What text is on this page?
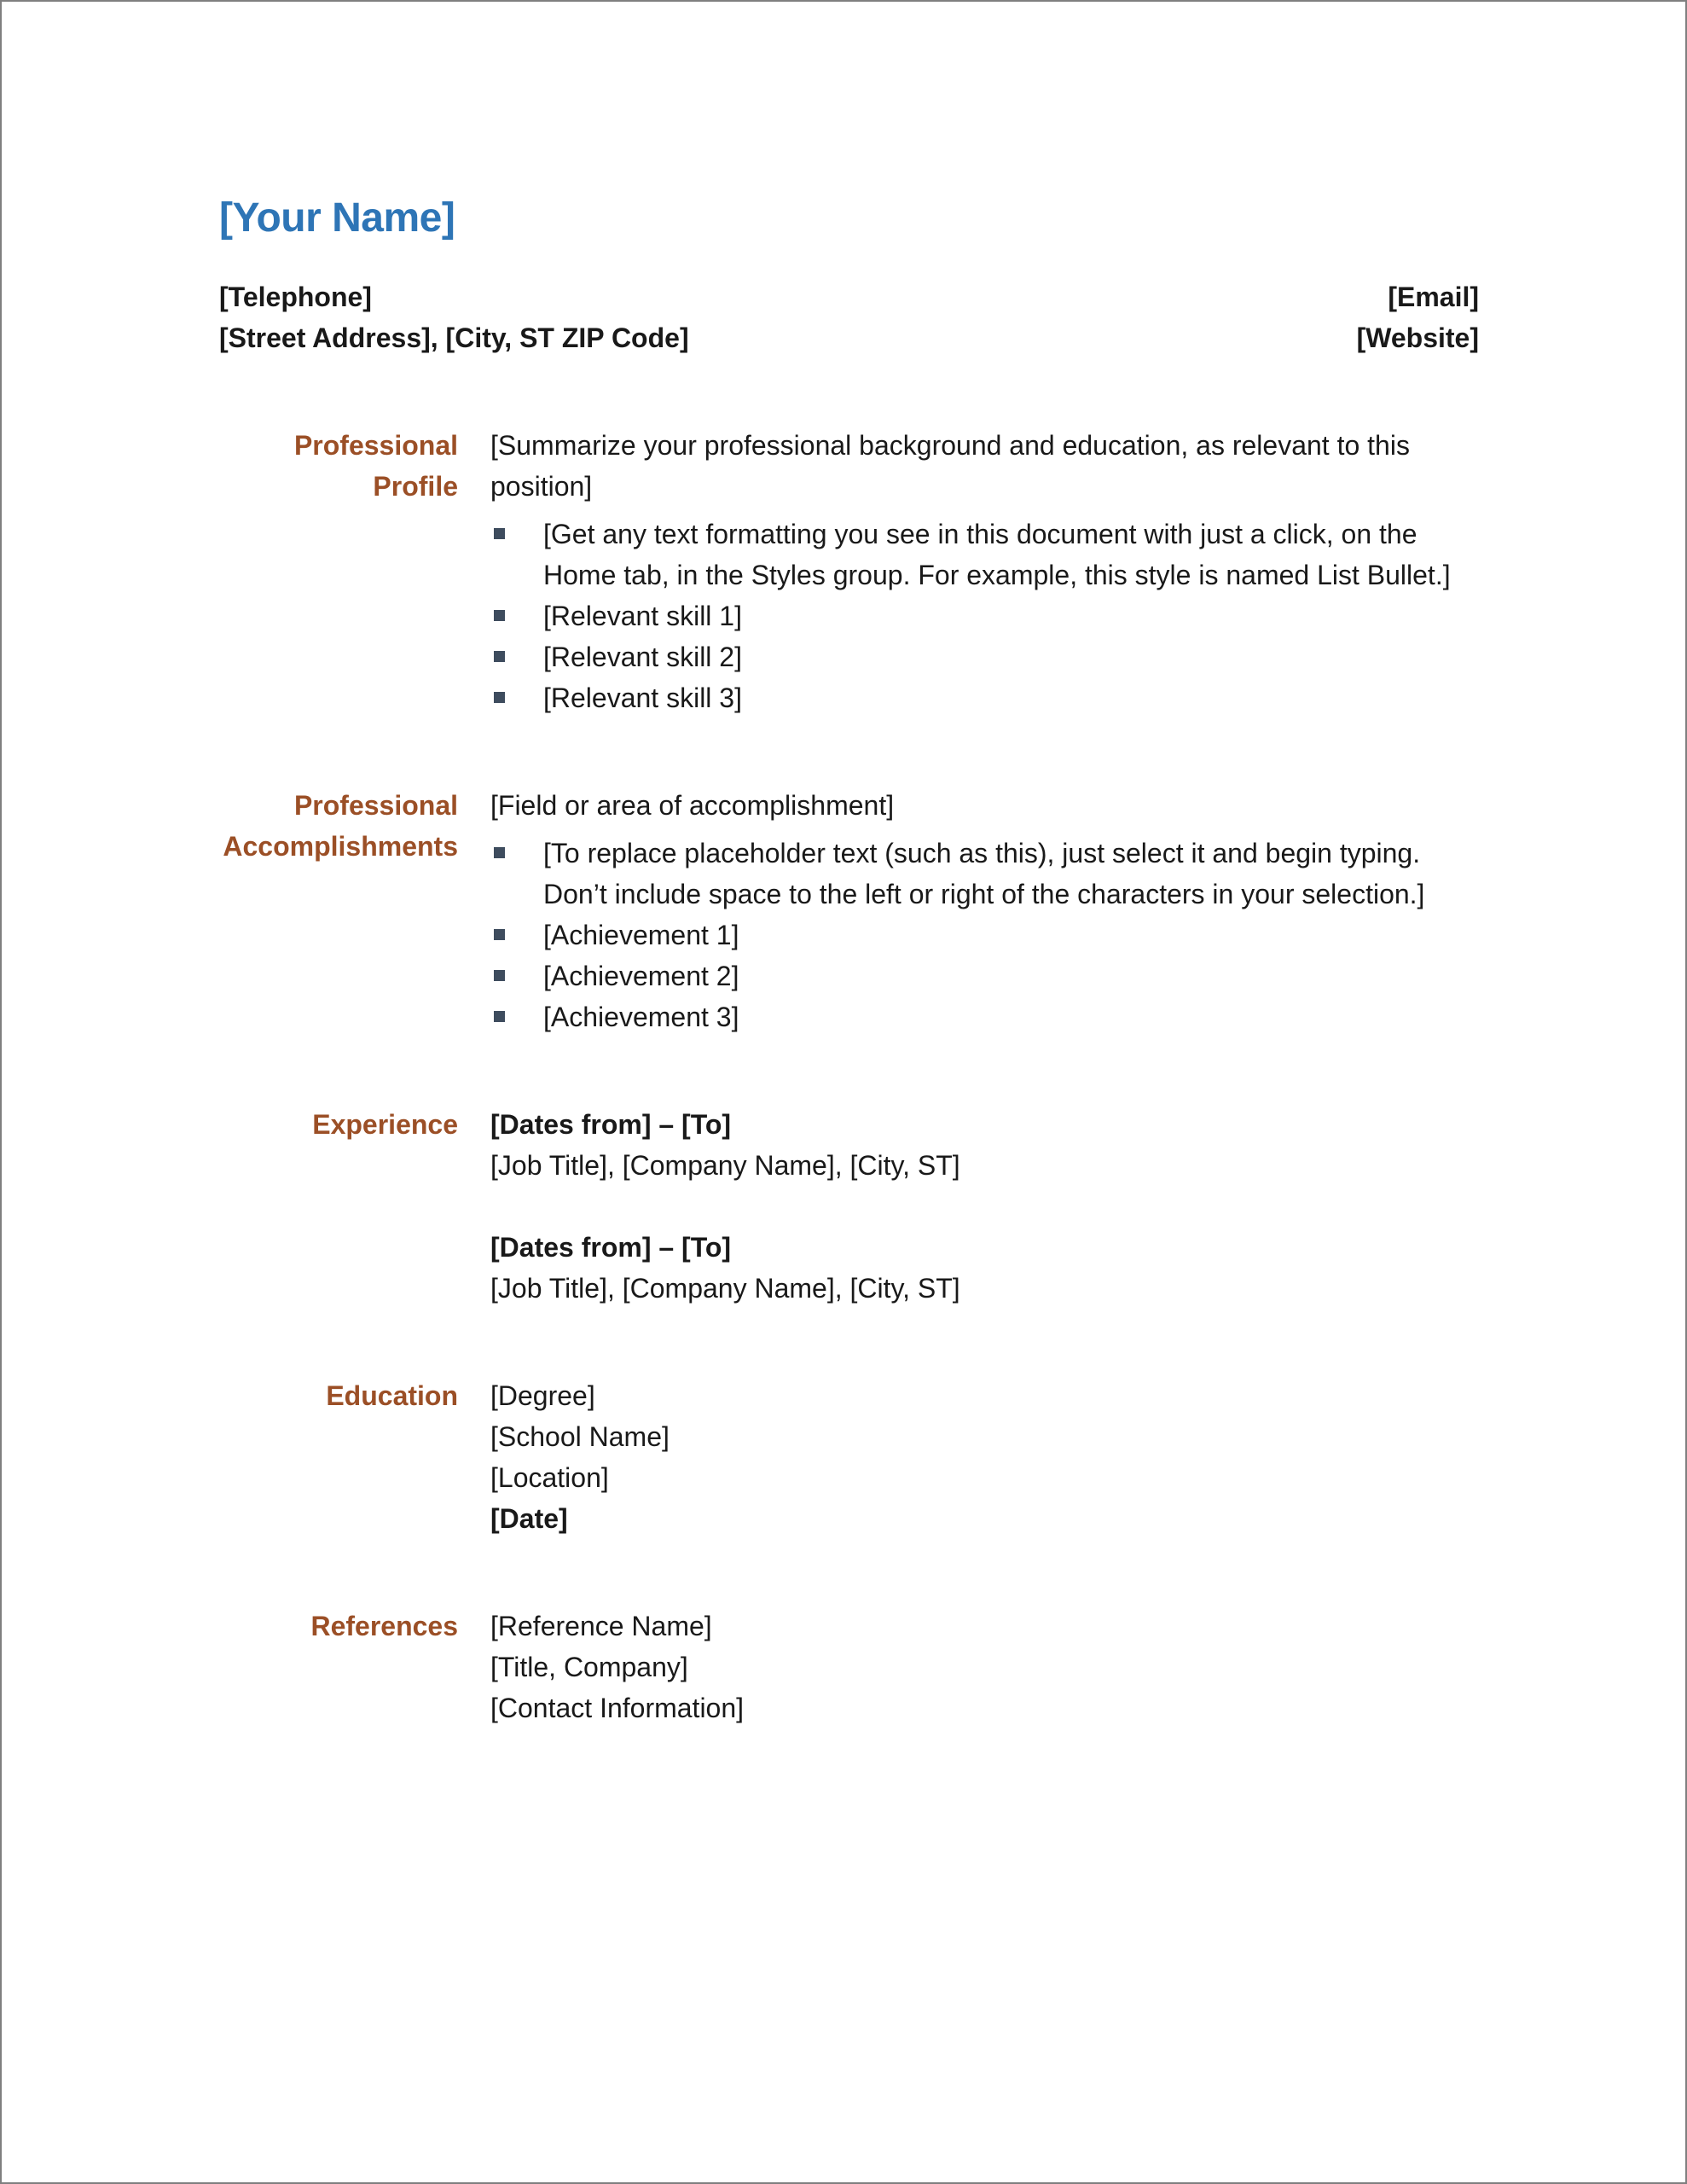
[Your Name]
[Telephone]	[Email]
[Street Address], [City, ST ZIP Code]	[Website]
Professional
Profile

[Summarize your professional background and education, as relevant to this position]

[Get any text formatting you see in this document with just a click, on the Home tab, in the Styles group. For example, this style is named List Bullet.]
[Relevant skill 1]
[Relevant skill 2]
[Relevant skill 3]
Professional
Accomplishments

[Field or area of accomplishment]

[To replace placeholder text (such as this), just select it and begin typing. Don’t include space to the left or right of the characters in your selection.]
[Achievement 1]
[Achievement 2]
[Achievement 3]
Experience [Dates from] – [To]
[Job Title], [Company Name], [City, ST]
[Dates from] – [To]
[Job Title], [Company Name], [City, ST]
Education [Degree]
[School Name]
[Location]
[Date]
References [Reference Name]
[Title, Company]
[Contact Information]
